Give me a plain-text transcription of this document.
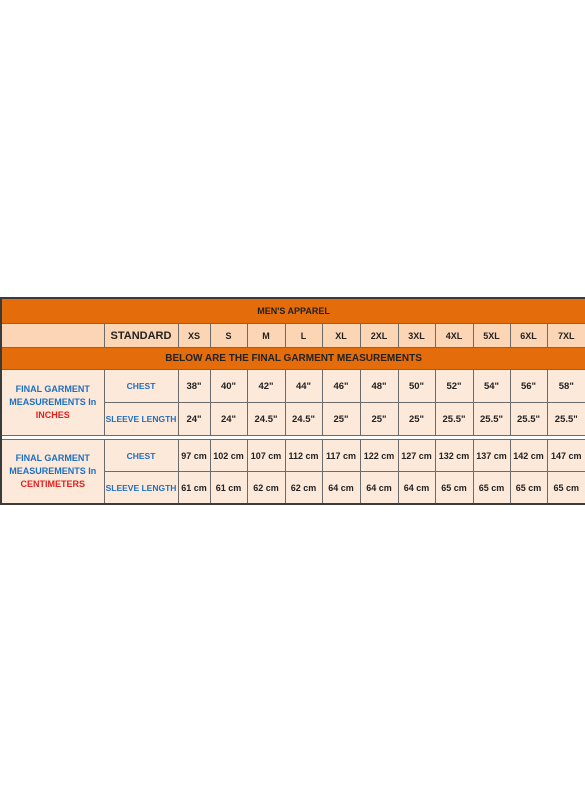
MEN'S APPAREL												
	STANDARD	XS	S	M	L	XL	2XL	3XL	4XL	5XL	6XL	7XL
BELOW ARE THE FINAL GARMENT MEASUREMENTS												
FINAL GARMENT MEASUREMENTS In
INCHES	CHEST	38"	40"	42"	44"	46"	48"	50"	52"	54"	56"	58"
	SLEEVE LENGTH	24"	24"	24.5"	24.5"	25"	25"	25"	25.5"	25.5"	25.5"	25.5"

FINAL GARMENT MEASUREMENTS In
CENTIMETERS	CHEST	97 cm	102 cm	107 cm	112 cm	117 cm	122 cm	127 cm	132 cm	137 cm	142 cm	147 cm
	SLEEVE LENGTH	61 cm	61 cm	62 cm	62 cm	64 cm	64 cm	64 cm	65 cm	65 cm	65 cm	65 cm
